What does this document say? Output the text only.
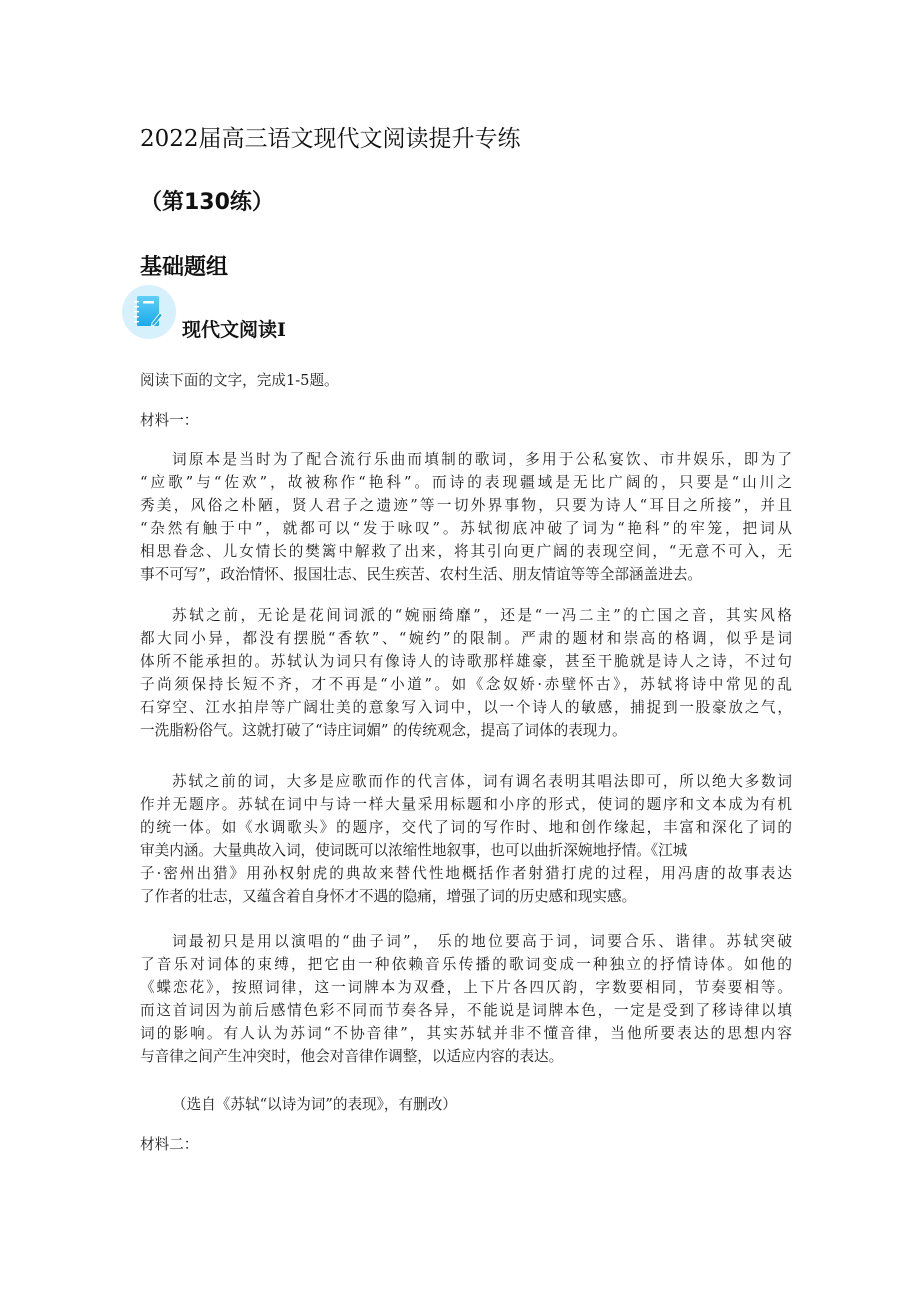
2022届高三语文现代文阅读提升专练
（第130练）
基础题组
现代文阅读Ⅰ
阅读下面的文字，完成1-5题。
材料一：
词原本是当时为了配合流行乐曲而填制的歌词，多用于公私宴饮、市井娱乐，即为了
“应歌”与“佐欢”，故被称作“艳科”。而诗的表现疆域是无比广阔的，只要是“山川之
秀美，风俗之朴陋，贤人君子之遗迹”等一切外界事物，只要为诗人“耳目之所接”，并且
“杂然有触于中”，就都可以“发于咏叹”。苏轼彻底冲破了词为“艳科”的牢笼，把词从
相思眷念、儿女情长的樊篱中解救了出来，将其引向更广阔的表现空间，“无意不可入，无
事不可写”，政治情怀、报国壮志、民生疾苦、农村生活、朋友情谊等等全部涵盖进去。
苏轼之前，无论是花间词派的“婉丽绮靡”，还是“一冯二主”的亡国之音，其实风格
都大同小异，都没有摆脱“香软”、“婉约”的限制。严肃的题材和崇高的格调，似乎是词
体所不能承担的。苏轼认为词只有像诗人的诗歌那样雄豪，甚至干脆就是诗人之诗，不过句
子尚须保持长短不齐，才不再是“小道”。如《念奴娇·赤壁怀古》，苏轼将诗中常见的乱
石穿空、江水拍岸等广阔壮美的意象写入词中，以一个诗人的敏感，捕捉到一股豪放之气，
一洗脂粉俗气。这就打破了“诗庄词媚” 的传统观念，提高了词体的表现力。
苏轼之前的词，大多是应歌而作的代言体，词有调名表明其唱法即可，所以绝大多数词
作并无题序。苏轼在词中与诗一样大量采用标题和小序的形式，使词的题序和文本成为有机
的统一体。如《水调歌头》的题序，交代了词的写作时、地和创作缘起，丰富和深化了词的
审美内涵。大量典故入词，使词既可以浓缩性地叙事，也可以曲折深婉地抒情。《江城
子·密州出猎》用孙权射虎的典故来替代性地概括作者射猎打虎的过程，用冯唐的故事表达
了作者的壮志，又蕴含着自身怀才不遇的隐痛，增强了词的历史感和现实感。
词最初只是用以演唱的“曲子词”， 乐的地位要高于词，词要合乐、谐律。苏轼突破
了音乐对词体的束缚，把它由一种依赖音乐传播的歌词变成一种独立的抒情诗体。如他的
《蝶恋花》，按照词律，这一词牌本为双叠，上下片各四仄韵，字数要相同，节奏要相等。
而这首词因为前后感情色彩不同而节奏各异，不能说是词牌本色，一定是受到了移诗律以填
词的影响。有人认为苏词“不协音律”，其实苏轼并非不懂音律，当他所要表达的思想内容
与音律之间产生冲突时，他会对音律作调整，以适应内容的表达。
（选自《苏轼“以诗为词”的表现》，有删改）
材料二：
